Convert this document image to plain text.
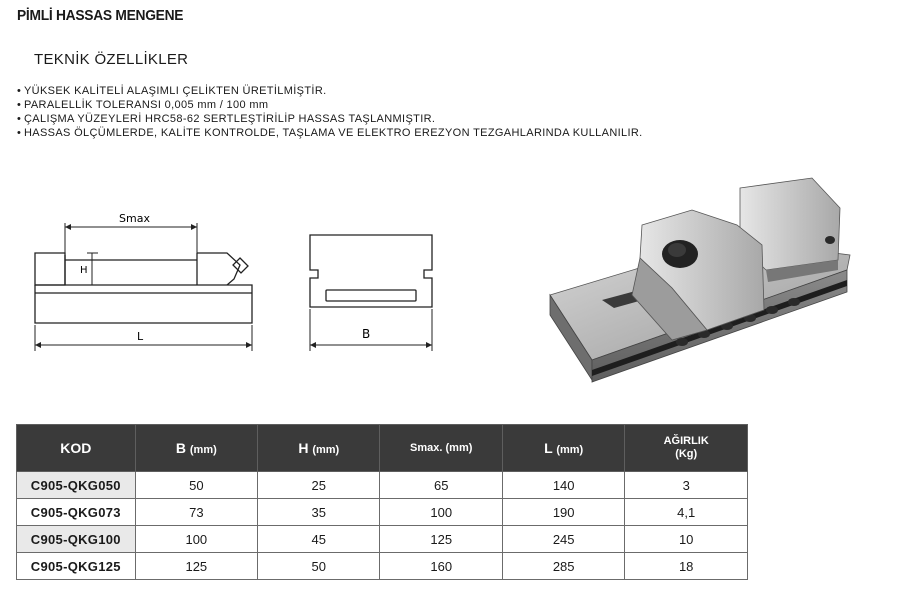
PİMLİ HASSAS MENGENE
TEKNİK ÖZELLİKLER
• YÜKSEK KALİTELİ ALAŞIMLI ÇELİKTEN ÜRETİLMİŞTİR.
• PARALELLİK TOLERANSI 0,005 mm / 100 mm
• ÇALIŞMA YÜZEYLERİ HRC58-62 SERTLEŞTİRİLİP HASSAS TAŞLANMIŞTIR.
• HASSAS ÖLÇÜMLERDE, KALİTE KONTROLDE, TAŞLAMA VE ELEKTRO EREZYON TEZGAHLARINDA KULLANILIR.
Smax
H
L	B
KOD	B (mm)	H (mm)	Smax. (mm)	L (mm)	AĞIRLIK
(Kg)
C905-QKG050	50	25	65	140	3
C905-QKG073	73	35	100	190	4,1
C905-QKG100	100	45	125	245	10
C905-QKG125	125	50	160	285	18
